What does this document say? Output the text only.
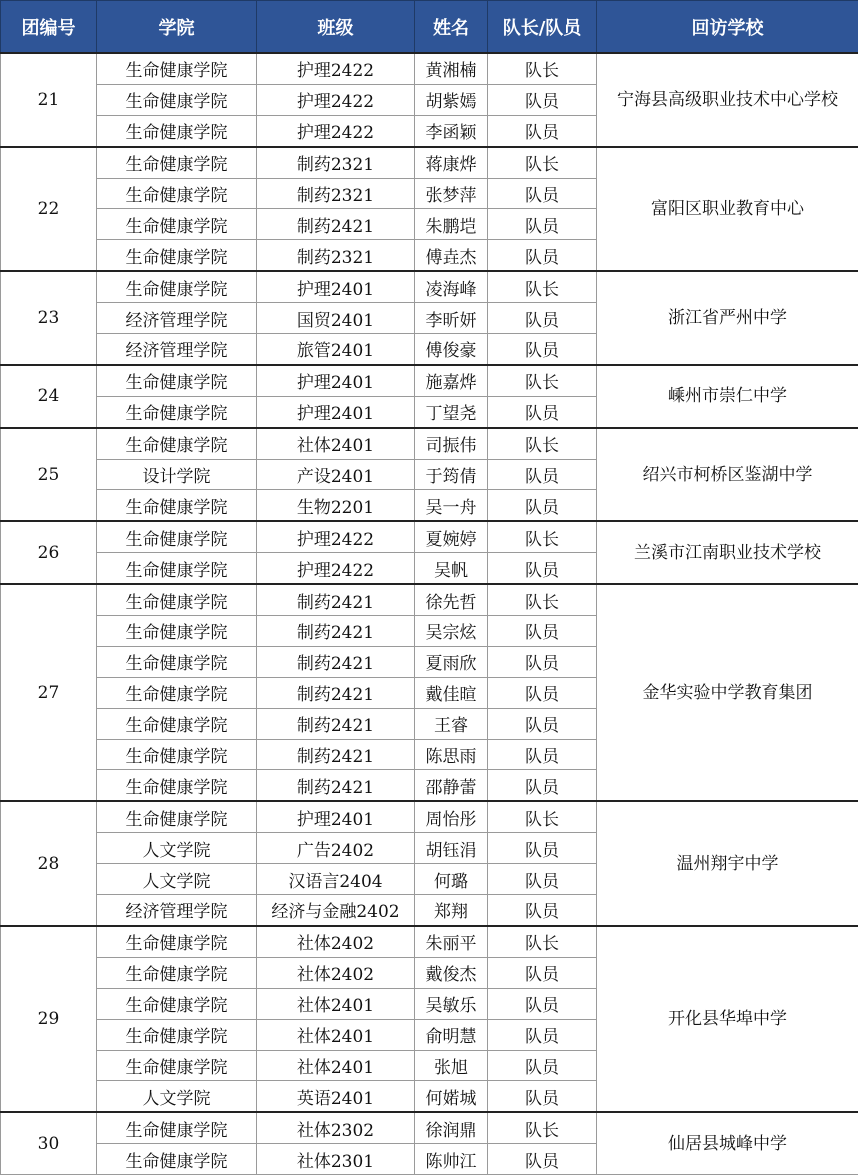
团编号	学院	班级	姓名	队长/队员	回访学校
21	生命健康学院	护理2422	黄湘楠	队长	宁海县高级职业技术中心学校
	生命健康学院	护理2422	胡紫嫣	队员	
	生命健康学院	护理2422	李函颖	队员	
22	生命健康学院	制药2321	蒋康烨	队长	富阳区职业教育中心
	生命健康学院	制药2321	张梦萍	队员	
	生命健康学院	制药2421	朱鹏垲	队员	
	生命健康学院	制药2321	傅垚杰	队员	
23	生命健康学院	护理2401	凌海峰	队长	浙江省严州中学
	经济管理学院	国贸2401	李昕妍	队员	
	经济管理学院	旅管2401	傅俊豪	队员	
24	生命健康学院	护理2401	施嘉烨	队长	嵊州市崇仁中学
	生命健康学院	护理2401	丁望尧	队员	
25	生命健康学院	社体2401	司振伟	队长	绍兴市柯桥区鉴湖中学
	设计学院	产设2401	于筠倩	队员	
	生命健康学院	生物2201	吴一舟	队员	
26	生命健康学院	护理2422	夏婉婷	队长	兰溪市江南职业技术学校
	生命健康学院	护理2422	吴帆	队员	
27	生命健康学院	制药2421	徐先哲	队长	金华实验中学教育集团
	生命健康学院	制药2421	吴宗炫	队员	
	生命健康学院	制药2421	夏雨欣	队员	
	生命健康学院	制药2421	戴佳暄	队员	
	生命健康学院	制药2421	王睿	队员	
	生命健康学院	制药2421	陈思雨	队员	
	生命健康学院	制药2421	邵静蕾	队员	
28	生命健康学院	护理2401	周怡彤	队长	温州翔宇中学
	人文学院	广告2402	胡钰涓	队员	
	人文学院	汉语言2404	何璐	队员	
	经济管理学院	经济与金融2402	郑翔	队员	
29	生命健康学院	社体2402	朱丽平	队长	开化县华埠中学
	生命健康学院	社体2402	戴俊杰	队员	
	生命健康学院	社体2401	吴敏乐	队员	
	生命健康学院	社体2401	俞明慧	队员	
	生命健康学院	社体2401	张旭	队员	
	人文学院	英语2401	何婼城	队员	
30	生命健康学院	社体2302	徐润鼎	队长	仙居县城峰中学
	生命健康学院	社体2301	陈帅江	队员	
